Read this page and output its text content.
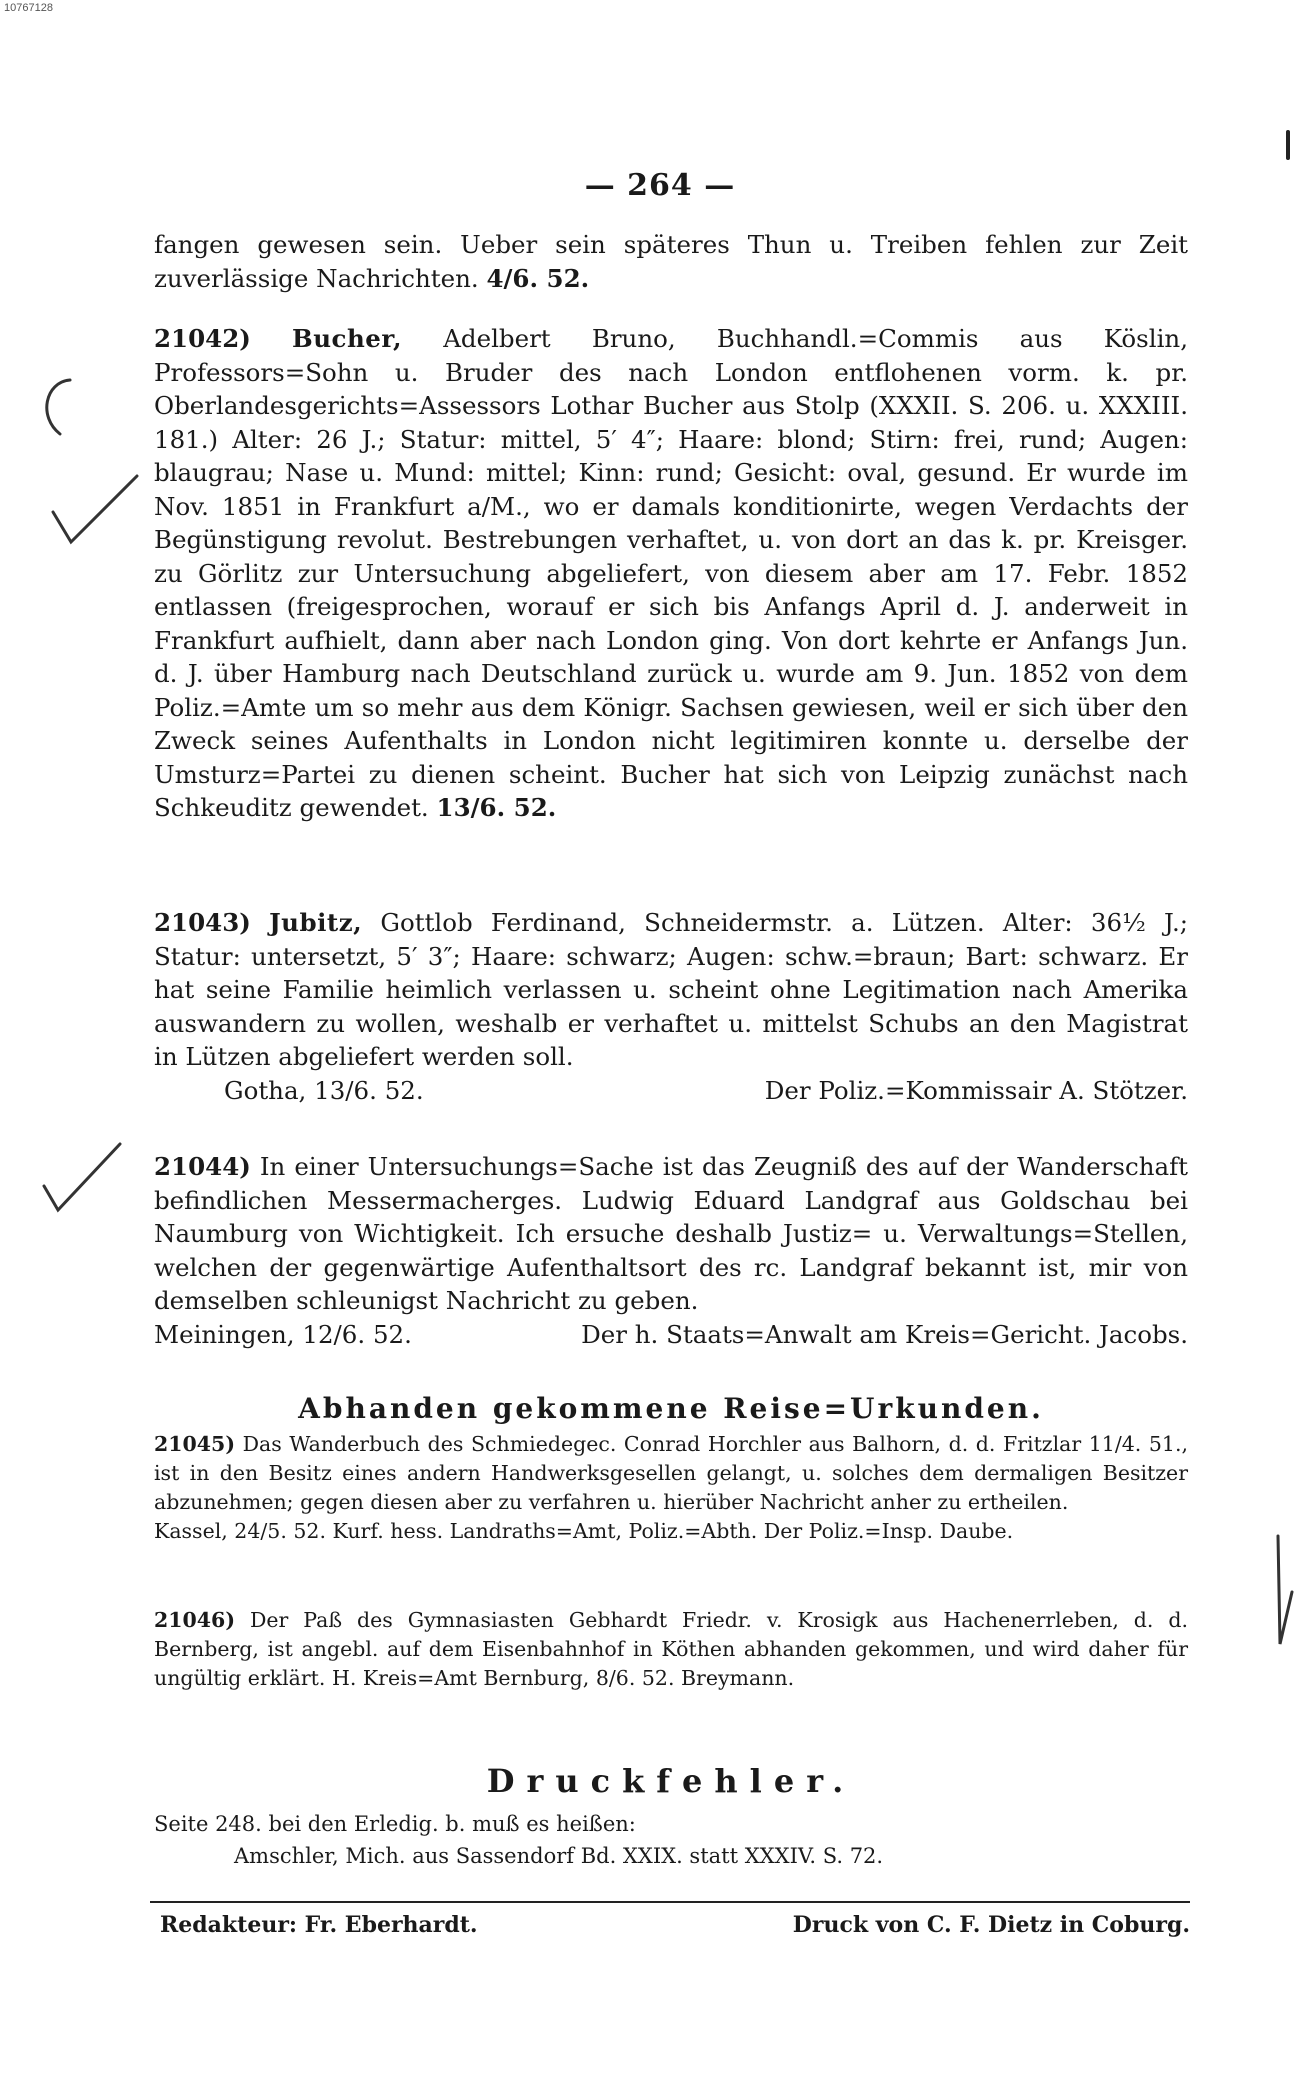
10767128
— 264 —
fangen gewesen sein. Ueber sein späteres Thun u. Treiben fehlen zur Zeit zuverlässige Nachrichten. 4/6. 52.
21042) Bucher, Adelbert Bruno, Buchhandl.=Commis aus Köslin, Professors=Sohn u. Bruder des nach London entflohenen vorm. k. pr. Oberlandesgerichts=Assessors Lothar Bucher aus Stolp (XXXII. S. 206. u. XXXIII. 181.) Alter: 26 J.; Statur: mittel, 5′ 4″; Haare: blond; Stirn: frei, rund; Augen: blaugrau; Nase u. Mund: mittel; Kinn: rund; Gesicht: oval, gesund. Er wurde im Nov. 1851 in Frankfurt a/M., wo er damals konditionirte, wegen Verdachts der Begünstigung revolut. Bestrebungen verhaftet, u. von dort an das k. pr. Kreisger. zu Görlitz zur Untersuchung abgeliefert, von diesem aber am 17. Febr. 1852 entlassen (freigesprochen, worauf er sich bis Anfangs April d. J. anderweit in Frankfurt aufhielt, dann aber nach London ging. Von dort kehrte er Anfangs Jun. d. J. über Hamburg nach Deutschland zurück u. wurde am 9. Jun. 1852 von dem Poliz.=Amte um so mehr aus dem Königr. Sachsen gewiesen, weil er sich über den Zweck seines Aufenthalts in London nicht legitimiren konnte u. derselbe der Umsturz=Partei zu dienen scheint. Bucher hat sich von Leipzig zunächst nach Schkeuditz gewendet. 13/6. 52.
21043) Jubitz, Gottlob Ferdinand, Schneidermstr. a. Lützen. Alter: 36½ J.; Statur: untersetzt, 5′ 3″; Haare: schwarz; Augen: schw.=braun; Bart: schwarz. Er hat seine Familie heimlich verlassen u. scheint ohne Legitimation nach Amerika auswandern zu wollen, weshalb er verhaftet u. mittelst Schubs an den Magistrat in Lützen abgeliefert werden soll.
Gotha, 13/6. 52.	Der Poliz.=Kommissair A. Stötzer.
21044) In einer Untersuchungs=Sache ist das Zeugniß des auf der Wanderschaft befindlichen Messermacherges. Ludwig Eduard Landgraf aus Goldschau bei Naumburg von Wichtigkeit. Ich ersuche deshalb Justiz= u. Verwaltungs=Stellen, welchen der gegenwärtige Aufenthaltsort des rc. Landgraf bekannt ist, mir von demselben schleunigst Nachricht zu geben.
Meiningen, 12/6. 52.	Der h. Staats=Anwalt am Kreis=Gericht. Jacobs.
Abhanden gekommene Reise=Urkunden.
21045) Das Wanderbuch des Schmiedegес. Conrad Horchler aus Balhorn, d. d. Fritzlar 11/4. 51., ist in den Besitz eines andern Handwerksgesellen gelangt, u. solches dem dermaligen Besitzer abzunehmen; gegen diesen aber zu verfahren u. hierüber Nachricht anher zu ertheilen.
Kassel, 24/5. 52. Kurf. hess. Landraths=Amt, Poliz.=Abth. Der Poliz.=Insp. Daube.
21046) Der Paß des Gymnasiasten Gebhardt Friedr. v. Krosigk aus Hachenerrleben, d. d. Bernberg, ist angebl. auf dem Eisenbahnhof in Köthen abhanden gekommen, und wird daher für ungültig erklärt. H. Kreis=Amt Bernburg, 8/6. 52. Breymann.
Druckfehler.
Seite 248. bei den Erledig. b. muß es heißen:
Amschler, Mich. aus Sassendorf Bd. XXIX. statt XXXIV. S. 72.
Redakteur: Fr. Eberhardt.	Druck von C. F. Dietz in Coburg.
